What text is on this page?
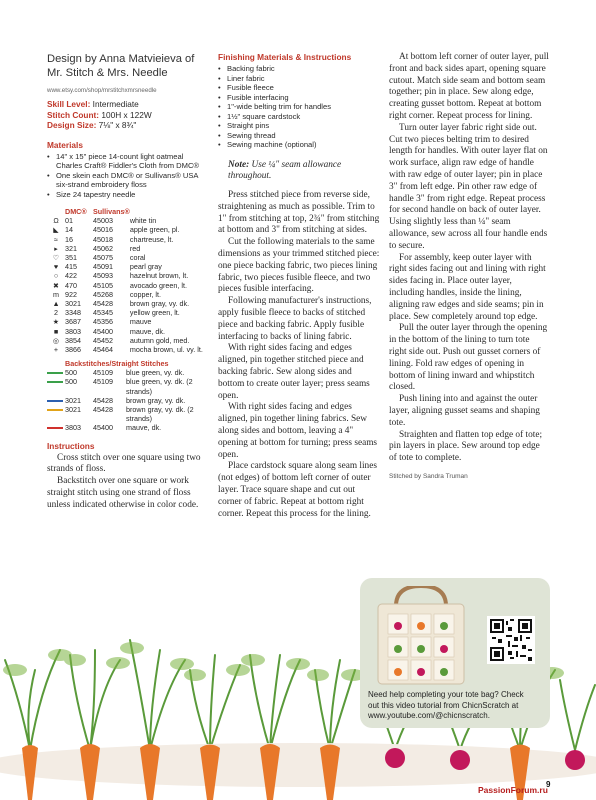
Design by Anna Matvieieva of
Mr. Stitch & Mrs. Needle
www.etsy.com/shop/mrstitchxmrsneedle
Skill Level: Intermediate
Stitch Count: 100H x 122W
Design Size: 7⅛" x 8¾"
Materials
• 14" x 15" piece 14-count light oatmeal Charles Craft® Fiddler's Cloth from DMC®
• One skein each DMC® or Sullivans® USA six-strand embroidery floss
• Size 24 tapestry needle
	DMC®	Sullivans®	
Ω	01	45003	white tin
◣	14	45016	apple green, pl.
≈	16	45018	chartreuse, lt.
▸	321	45062	red
♡	351	45075	coral
♥	415	45091	pearl gray
○	422	45093	hazelnut brown, lt.
✖	470	45105	avocado green, lt.
m	922	45268	copper, lt.
▲	3021	45428	brown gray, vy. dk.
2	3348	45345	yellow green, lt.
★	3687	45356	mauve
■	3803	45400	mauve, dk.
◎	3854	45452	autumn gold, med.
+	3866	45464	mocha brown, ul. vy. lt.
Backstitches/Straight Stitches
	500	45109	blue green, vy. dk.

	500	45109	blue green, vy. dk. (2 strands)

	3021	45428	brown gray, vy. dk.

	3021	45428	brown gray, vy. dk. (2 strands)

	3803	45400	mauve, dk.
Instructions

Cross stitch over one square using two strands of floss.

Backstitch over one square or work straight stitch using one strand of floss unless indicated otherwise in color code.

Finishing Materials & Instructions
• Backing fabric
• Liner fabric
• Fusible fleece
• Fusible interfacing
• 1"-wide belting trim for handles
• 1½" square cardstock
• Straight pins
• Sewing thread
• Sewing machine (optional)

Note: Use ¼" seam allowance throughout.

Press stitched piece from reverse side, straightening as much as possible. Trim to 1" from stitching at top, 2¾" from stitching at bottom and 3" from stitching at sides.

Cut the following materials to the same dimensions as your trimmed stitched piece: one piece backing fabric, two pieces lining fabric, two pieces fusible fleece, and two pieces fusible interfacing.

Following manufacturer's instructions, apply fusible fleece to backs of stitched piece and backing fabric. Apply fusible interfacing to backs of lining fabric.

With right sides facing and edges aligned, pin together stitched piece and backing fabric. Sew along sides and bottom to create outer layer; press seams open.

With right sides facing and edges aligned, pin together lining fabrics. Sew along sides and bottom, leaving a 4" opening at bottom for turning; press seams open.

Place cardstock square along seam lines (not edges) of bottom left corner of outer layer. Trace square shape and cut out corner of fabric. Repeat at bottom right corner. Repeat this process for the lining.

At bottom left corner of outer layer, pull front and back sides apart, opening square cutout. Match side seam and bottom seam together; pin in place. Sew along edge, creating gusset bottom. Repeat at bottom right corner. Repeat process for lining.

Turn outer layer fabric right side out. Cut two pieces belting trim to desired length for handles. With outer layer flat on work surface, align raw edge of handle with raw edge of outer layer; pin in place 3" from left edge. Pin other raw edge of handle 3" from right edge. Repeat process for second handle on back of outer layer. Using slightly less than ¼" seam allowance, sew across all four handle ends to secure.

For assembly, keep outer layer with right sides facing out and lining with right sides facing in. Place outer layer, including handles, inside the lining, aligning raw edges and side seams; pin in place. Sew completely around top edge.

Pull the outer layer through the opening in the bottom of the lining to turn tote right side out. Push out gusset corners of lining. Fold raw edges of opening in bottom of lining inward and whipstitch closed.

Push lining into and against the outer layer, aligning gusset seams and shaping tote.

Straighten and flatten top edge of tote; pin layers in place. Sew around top edge of tote to complete.

Stitched by Sandra Truman
Need help completing your tote bag? Check
out this video tutorial from ChicnScratch at
www.youtube.com/@chicnscratch.
9
PassionForum.ru
